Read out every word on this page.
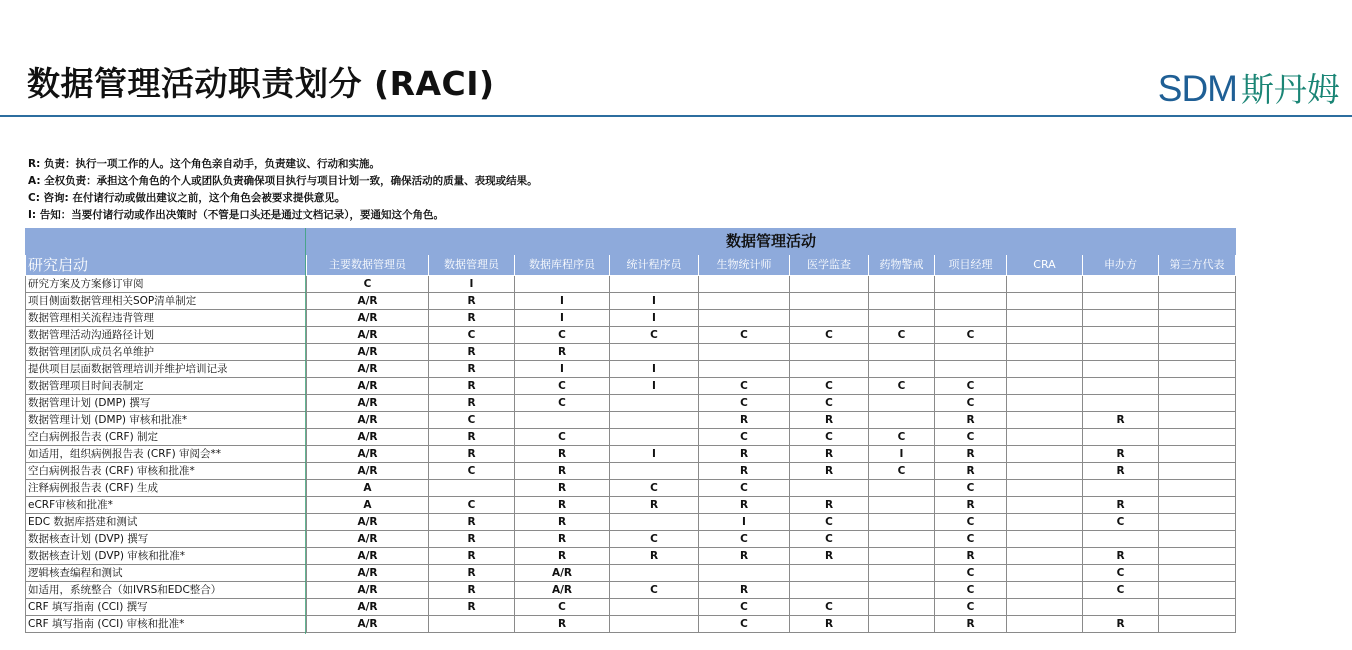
数据管理活动职责划分 (RACI)	SDM 斯丹姆
R: 负责：执行一项工作的人。这个角色亲自动手，负责建议、行动和实施。
A: 全权负责：承担这个角色的个人或团队负责确保项目执行与项目计划一致，确保活动的质量、表现或结果。
C: 咨询: 在付诸行动或做出建议之前，这个角色会被要求提供意见。
I: 告知：当要付诸行动或作出决策时（不管是口头还是通过文档记录），要通知这个角色。
	数据管理活动										
研究启动	主要数据管理员	数据管理员	数据库程序员	统计程序员	生物统计师	医学监查	药物警戒	项目经理	CRA	申办方	第三方代表
研究方案及方案修订审阅	C	I									
项目侧面数据管理相关SOP清单制定	A/R	R	I	I							
数据管理相关流程违背管理	A/R	R	I	I							
数据管理活动沟通路径计划	A/R	C	C	C	C	C	C	C			
数据管理团队成员名单维护	A/R	R	R								
提供项目层面数据管理培训并维护培训记录	A/R	R	I	I							
数据管理项目时间表制定	A/R	R	C	I	C	C	C	C			
数据管理计划 (DMP) 撰写	A/R	R	C		C	C		C			
数据管理计划 (DMP) 审核和批准*	A/R	C			R	R		R		R	
空白病例报告表 (CRF) 制定	A/R	R	C		C	C	C	C			
如适用，组织病例报告表 (CRF) 审阅会**	A/R	R	R	I	R	R	I	R		R	
空白病例报告表 (CRF) 审核和批准*	A/R	C	R		R	R	C	R		R	
注释病例报告表 (CRF) 生成	A		R	C	C			C			
eCRF审核和批准*	A	C	R	R	R	R		R		R	
EDC 数据库搭建和测试	A/R	R	R		I	C		C		C	
数据核查计划 (DVP) 撰写	A/R	R	R	C	C	C		C			
数据核查计划 (DVP) 审核和批准*	A/R	R	R	R	R	R		R		R	
逻辑核查编程和测试	A/R	R	A/R					C		C	
如适用，系统整合（如IVRS和EDC整合）	A/R	R	A/R	C	R			C		C	
CRF 填写指南 (CCI) 撰写	A/R	R	C		C	C		C			
CRF 填写指南 (CCI) 审核和批准*	A/R		R		C	R		R		R	
